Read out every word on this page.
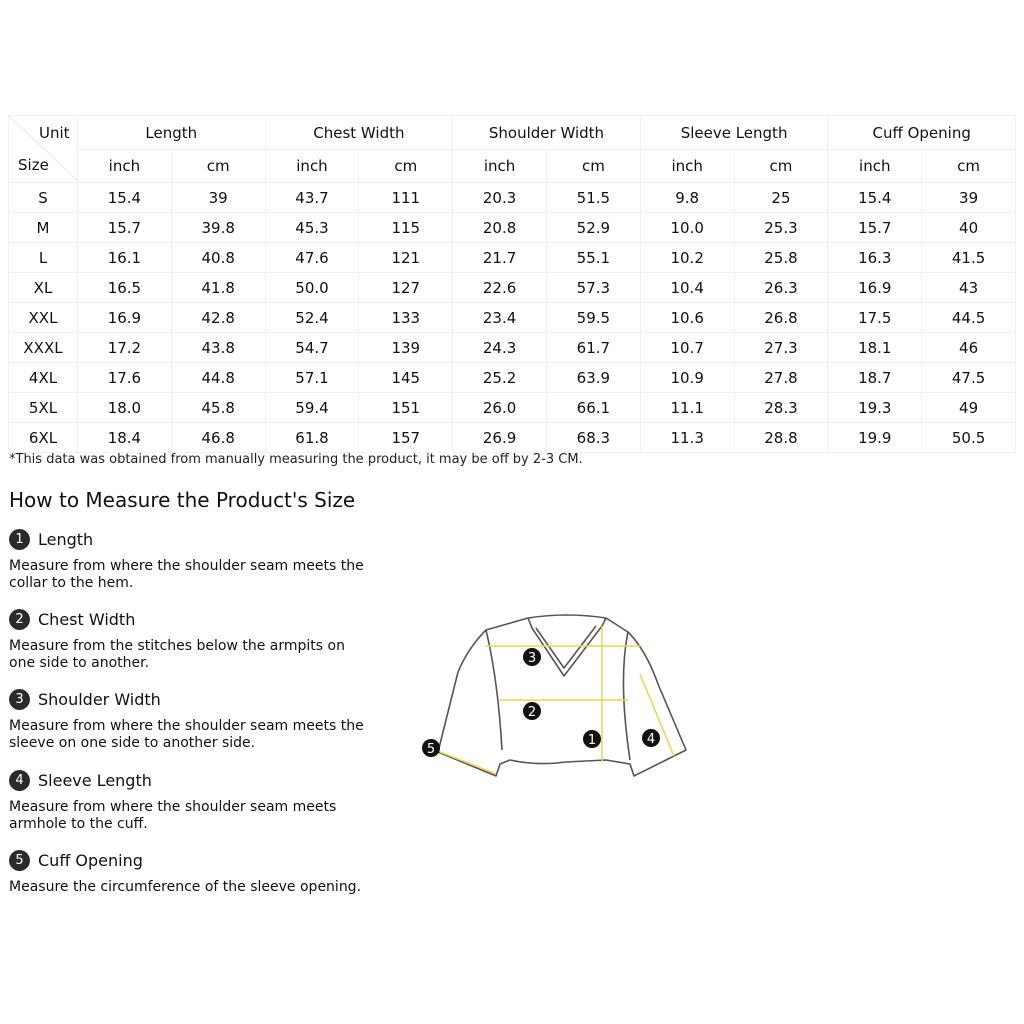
Unit
Size	Length		Chest Width		Shoulder Width		Sleeve Length		Cuff Opening	
	inch	cm	inch	cm	inch	cm	inch	cm	inch	cm
S	15.4	39	43.7	111	20.3	51.5	9.8	25	15.4	39
M	15.7	39.8	45.3	115	20.8	52.9	10.0	25.3	15.7	40
L	16.1	40.8	47.6	121	21.7	55.1	10.2	25.8	16.3	41.5
XL	16.5	41.8	50.0	127	22.6	57.3	10.4	26.3	16.9	43
XXL	16.9	42.8	52.4	133	23.4	59.5	10.6	26.8	17.5	44.5
XXXL	17.2	43.8	54.7	139	24.3	61.7	10.7	27.3	18.1	46
4XL	17.6	44.8	57.1	145	25.2	63.9	10.9	27.8	18.7	47.5
5XL	18.0	45.8	59.4	151	26.0	66.1	11.1	28.3	19.3	49
6XL	18.4	46.8	61.8	157	26.9	68.3	11.3	28.8	19.9	50.5
*This data was obtained from manually measuring the product, it may be off by 2-3 CM.
How to Measure the Product's Size
1 Length
Measure from where the shoulder seam meets the collar to the hem.
2 Chest Width
Measure from the stitches below the armpits on one side to another.
3 Shoulder Width
Measure from where the shoulder seam meets the sleeve on one side to another side.
4 Sleeve Length
Measure from where the shoulder seam meets armhole to the cuff.
5 Cuff Opening
Measure the circumference of the sleeve opening.
3
2
1	4
5
